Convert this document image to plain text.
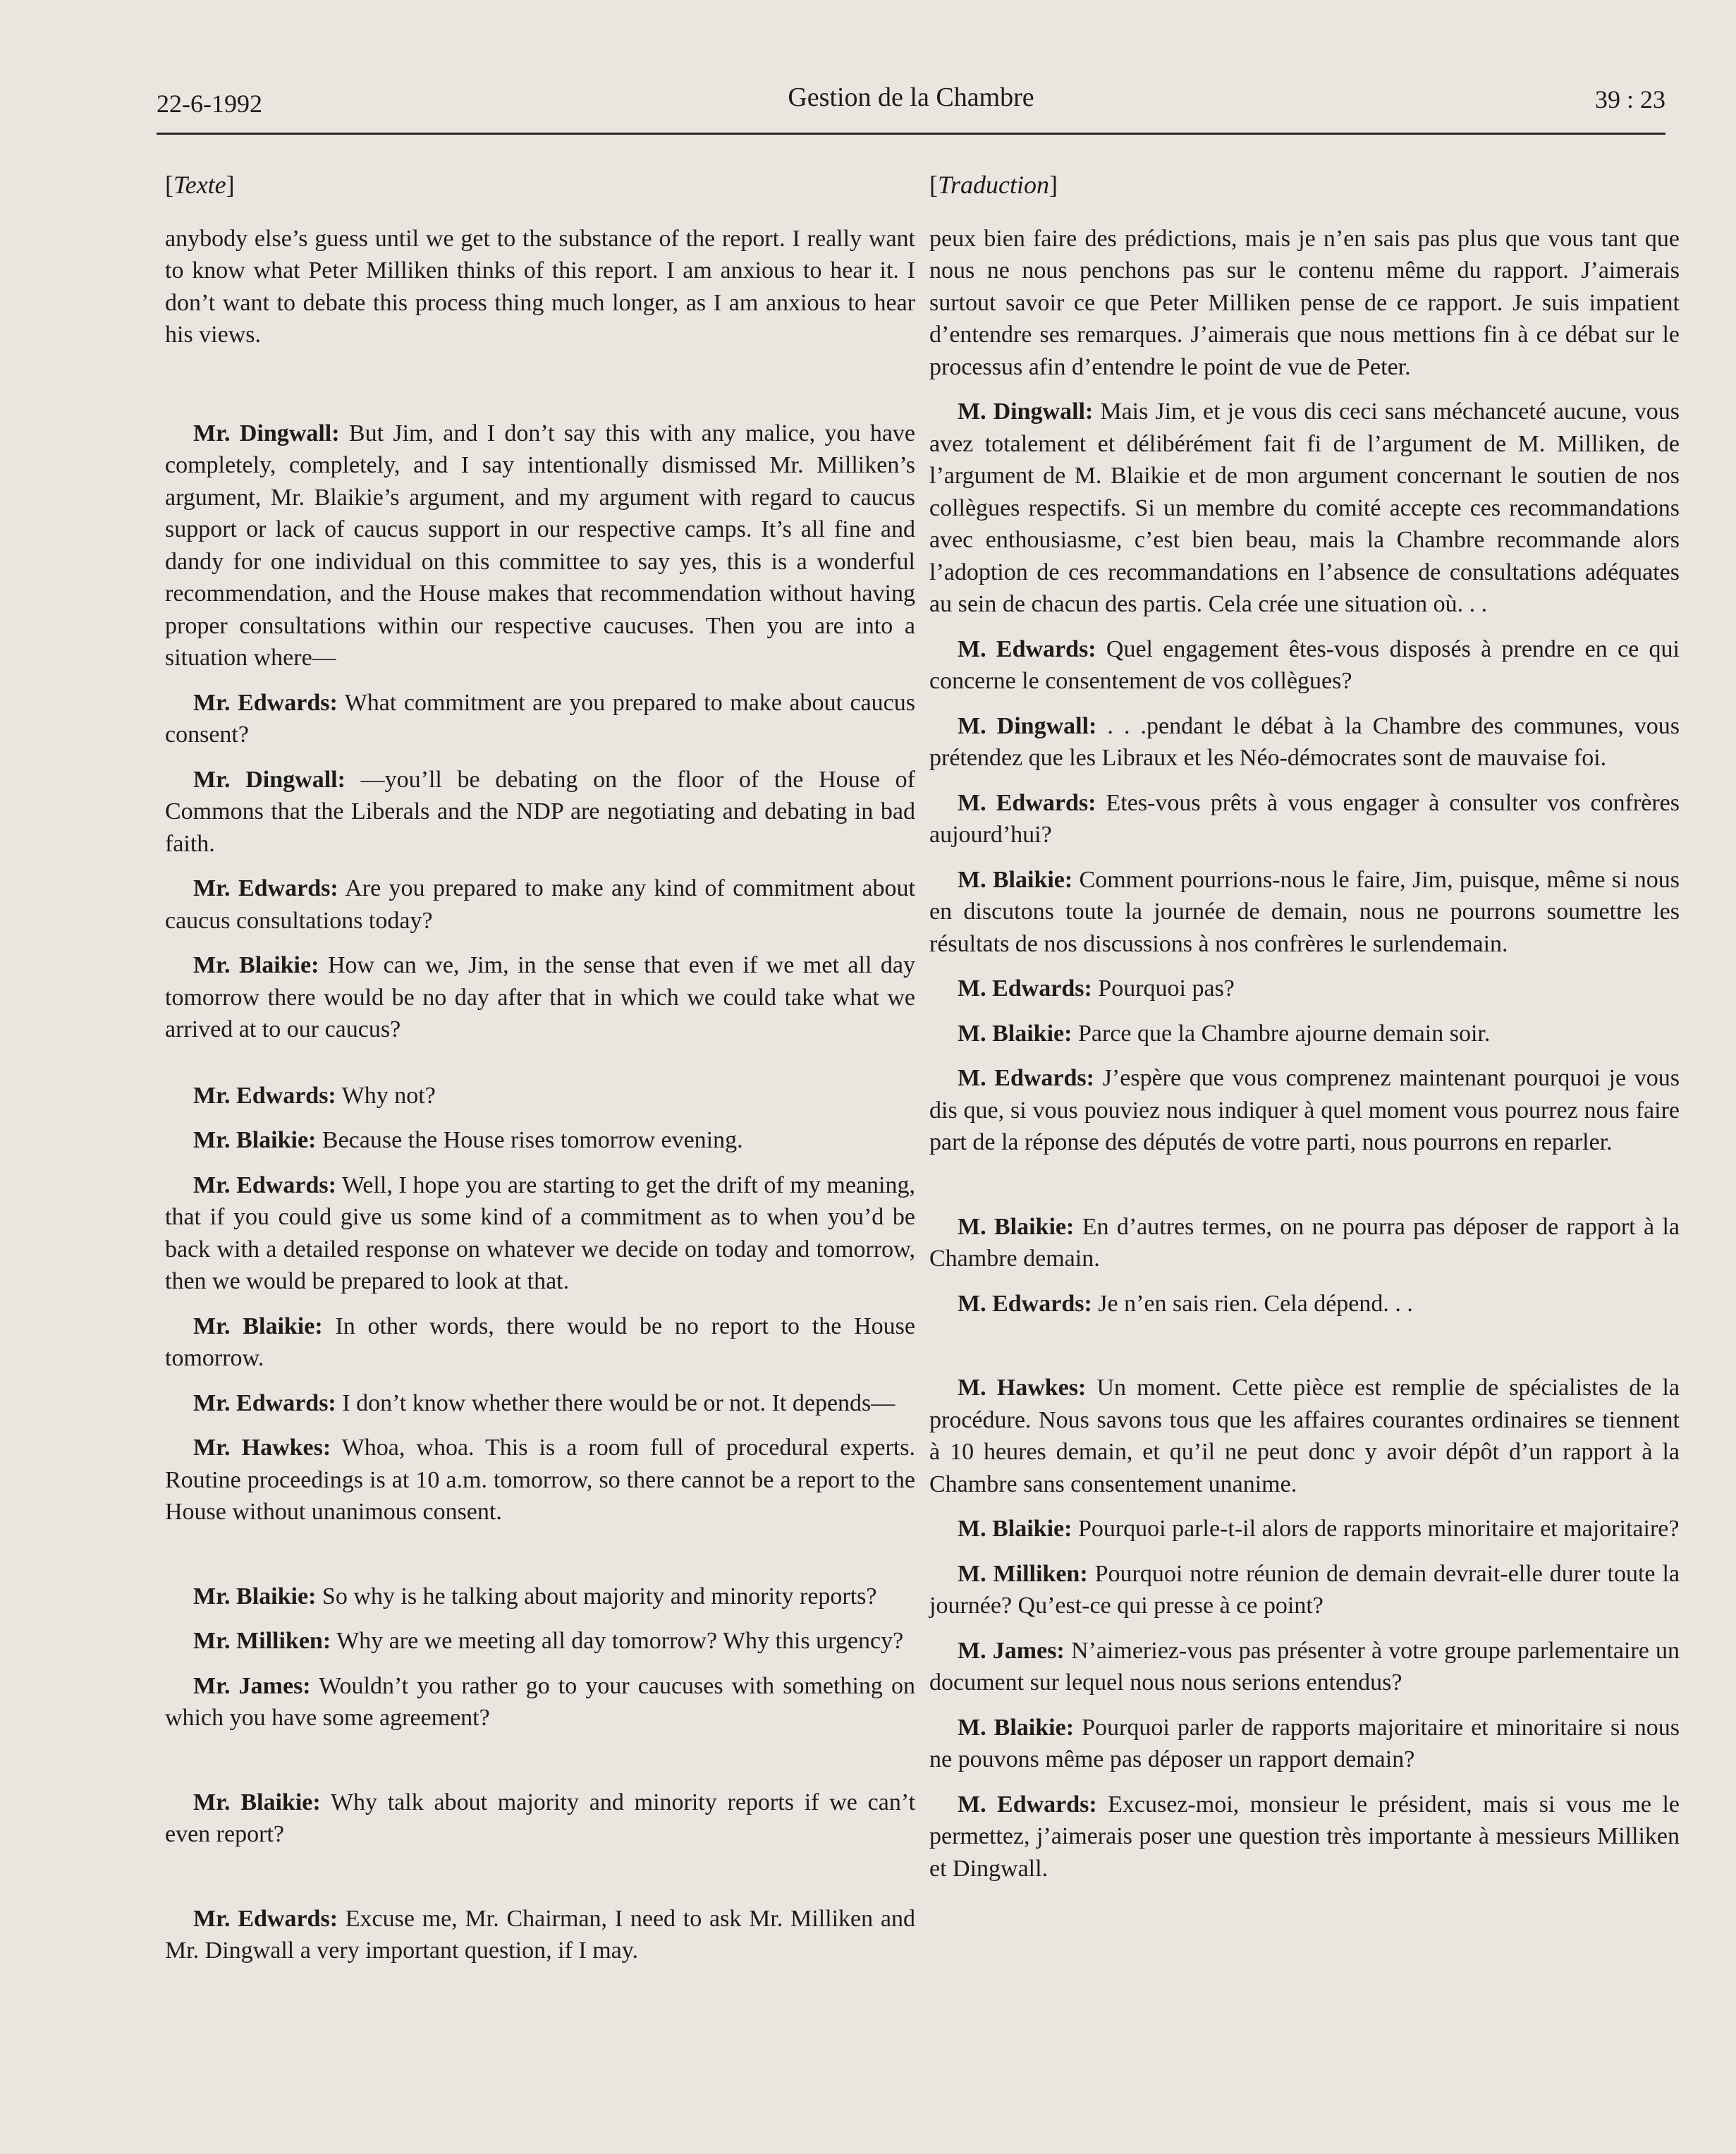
22-6-1992	Gestion de la Chambre	39 : 23
[Texte]

anybody else’s guess until we get to the substance of the report. I really want to know what Peter Milliken thinks of this report. I am anxious to hear it. I don’t want to debate this process thing much longer, as I am anxious to hear his views.

Mr. Dingwall: But Jim, and I don’t say this with any malice, you have completely, completely, and I say intentionally dismissed Mr. Milliken’s argument, Mr. Blaikie’s argument, and my argument with regard to caucus support or lack of caucus support in our respective camps. It’s all fine and dandy for one individual on this committee to say yes, this is a wonderful recommendation, and the House makes that recommendation without having proper consultations within our respective caucuses. Then you are into a situation where—

Mr. Edwards: What commitment are you prepared to make about caucus consent?

Mr. Dingwall: —you’ll be debating on the floor of the House of Commons that the Liberals and the NDP are negotiating and debating in bad faith.

Mr. Edwards: Are you prepared to make any kind of commitment about caucus consultations today?

Mr. Blaikie: How can we, Jim, in the sense that even if we met all day tomorrow there would be no day after that in which we could take what we arrived at to our caucus?

Mr. Edwards: Why not?

Mr. Blaikie: Because the House rises tomorrow evening.

Mr. Edwards: Well, I hope you are starting to get the drift of my meaning, that if you could give us some kind of a commitment as to when you’d be back with a detailed response on whatever we decide on today and tomorrow, then we would be prepared to look at that.

Mr. Blaikie: In other words, there would be no report to the House tomorrow.

Mr. Edwards: I don’t know whether there would be or not. It depends—

Mr. Hawkes: Whoa, whoa. This is a room full of procedural experts. Routine proceedings is at 10 a.m. tomorrow, so there cannot be a report to the House without unanimous consent.

Mr. Blaikie: So why is he talking about majority and minority reports?

Mr. Milliken: Why are we meeting all day tomorrow? Why this urgency?

Mr. James: Wouldn’t you rather go to your caucuses with something on which you have some agreement?

Mr. Blaikie: Why talk about majority and minority reports if we can’t even report?

Mr. Edwards: Excuse me, Mr. Chairman, I need to ask Mr. Milliken and Mr. Dingwall a very important question, if I may.

[Traduction]

peux bien faire des prédictions, mais je n’en sais pas plus que vous tant que nous ne nous penchons pas sur le contenu même du rapport. J’aimerais surtout savoir ce que Peter Milliken pense de ce rapport. Je suis impatient d’entendre ses remarques. J’aimerais que nous mettions fin à ce débat sur le processus afin d’entendre le point de vue de Peter.

M. Dingwall: Mais Jim, et je vous dis ceci sans méchanceté aucune, vous avez totalement et délibérément fait fi de l’argument de M. Milliken, de l’argument de M. Blaikie et de mon argument concernant le soutien de nos collègues respectifs. Si un membre du comité accepte ces recommandations avec enthousiasme, c’est bien beau, mais la Chambre recommande alors l’adoption de ces recommandations en l’absence de consultations adéquates au sein de chacun des partis. Cela crée une situation où. . .

M. Edwards: Quel engagement êtes-vous disposés à prendre en ce qui concerne le consentement de vos collègues?

M. Dingwall: . . .pendant le débat à la Chambre des communes, vous prétendez que les Libraux et les Néo-démocrates sont de mauvaise foi.

M. Edwards: Etes-vous prêts à vous engager à consulter vos confrères aujourd’hui?

M. Blaikie: Comment pourrions-nous le faire, Jim, puisque, même si nous en discutons toute la journée de demain, nous ne pourrons soumettre les résultats de nos discussions à nos confrères le surlendemain.

M. Edwards: Pourquoi pas?

M. Blaikie: Parce que la Chambre ajourne demain soir.

M. Edwards: J’espère que vous comprenez maintenant pourquoi je vous dis que, si vous pouviez nous indiquer à quel moment vous pourrez nous faire part de la réponse des députés de votre parti, nous pourrons en reparler.

M. Blaikie: En d’autres termes, on ne pourra pas déposer de rapport à la Chambre demain.

M. Edwards: Je n’en sais rien. Cela dépend. . .

M. Hawkes: Un moment. Cette pièce est remplie de spécialistes de la procédure. Nous savons tous que les affaires courantes ordinaires se tiennent à 10 heures demain, et qu’il ne peut donc y avoir dépôt d’un rapport à la Chambre sans consentement unanime.

M. Blaikie: Pourquoi parle-t-il alors de rapports minoritaire et majoritaire?

M. Milliken: Pourquoi notre réunion de demain devrait-elle durer toute la journée? Qu’est-ce qui presse à ce point?

M. James: N’aimeriez-vous pas présenter à votre groupe parlementaire un document sur lequel nous nous serions entendus?

M. Blaikie: Pourquoi parler de rapports majoritaire et minoritaire si nous ne pouvons même pas déposer un rapport demain?

M. Edwards: Excusez-moi, monsieur le président, mais si vous me le permettez, j’aimerais poser une question très importante à messieurs Milliken et Dingwall.
